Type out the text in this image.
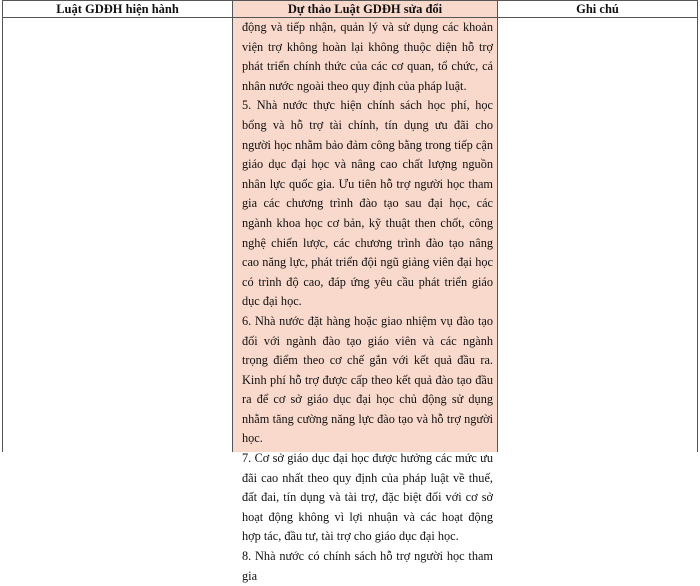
Luật GDĐH hiện hành	Dự thảo Luật GDĐH sửa đổi	Ghi chú

động và tiếp nhận, quản lý và sử dụng các khoản viện trợ không hoàn lại không thuộc diện hỗ trợ phát triển chính thức của các cơ quan, tổ chức, cá nhân nước ngoài theo quy định của pháp luật.

5. Nhà nước thực hiện chính sách học phí, học bổng và hỗ trợ tài chính, tín dụng ưu đãi cho người học nhằm bảo đảm công bằng trong tiếp cận giáo dục đại học và nâng cao chất lượng nguồn nhân lực quốc gia. Ưu tiên hỗ trợ người học tham gia các chương trình đào tạo sau đại học, các ngành khoa học cơ bản, kỹ thuật then chốt, công nghệ chiến lược, các chương trình đào tạo nâng cao năng lực, phát triển đội ngũ giảng viên đại học có trình độ cao, đáp ứng yêu cầu phát triển giáo dục đại học.

6. Nhà nước đặt hàng hoặc giao nhiệm vụ đào tạo đối với ngành đào tạo giáo viên và các ngành trọng điểm theo cơ chế gắn với kết quả đầu ra. Kinh phí hỗ trợ được cấp theo kết quả đào tạo đầu ra để cơ sở giáo dục đại học chủ động sử dụng nhằm tăng cường năng lực đào tạo và hỗ trợ người học.

7. Cơ sở giáo dục đại học được hưởng các mức ưu đãi cao nhất theo quy định của pháp luật về thuế, đất đai, tín dụng và tài trợ, đặc biệt đối với cơ sở hoạt động không vì lợi nhuận và các hoạt động hợp tác, đầu tư, tài trợ cho giáo dục đại học.

8. Nhà nước có chính sách hỗ trợ người học tham gia
